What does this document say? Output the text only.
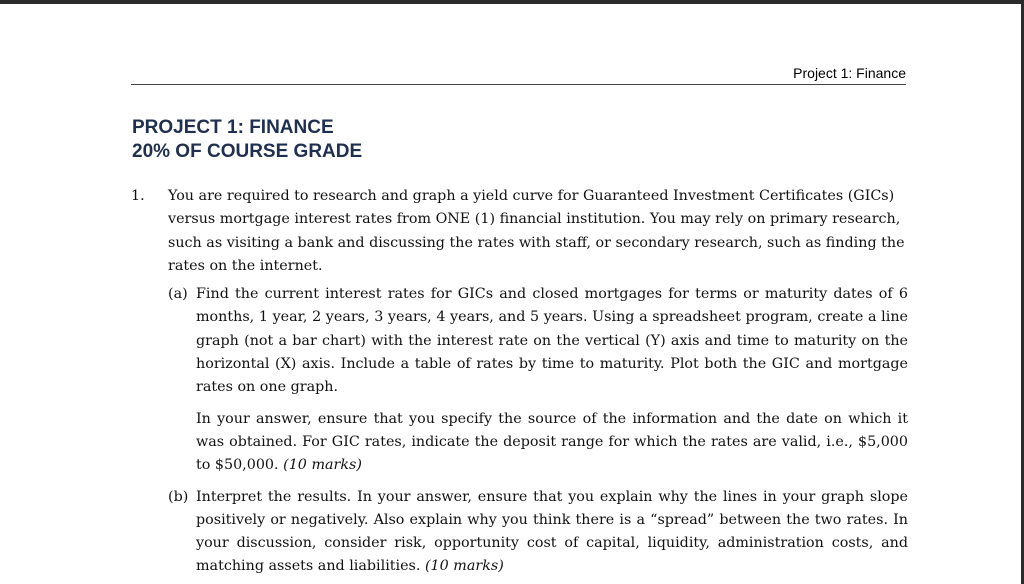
Project 1: Finance
PROJECT 1: FINANCE
20% OF COURSE GRADE
1. You are required to research and graph a yield curve for Guaranteed Investment Certificates (GICs) versus mortgage interest rates from ONE (1) financial institution. You may rely on primary research, such as visiting a bank and discussing the rates with staff, or secondary research, such as finding the rates on the internet.

(a) Find the current interest rates for GICs and closed mortgages for terms or maturity dates of 6 months, 1 year, 2 years, 3 years, 4 years, and 5 years. Using a spreadsheet program, create a line graph (not a bar chart) with the interest rate on the vertical (Y) axis and time to maturity on the horizontal (X) axis. Include a table of rates by time to maturity. Plot both the GIC and mortgage rates on one graph.

In your answer, ensure that you specify the source of the information and the date on which it was obtained. For GIC rates, indicate the deposit range for which the rates are valid, i.e., $5,000 to $50,000. (10 marks)

(b) Interpret the results. In your answer, ensure that you explain why the lines in your graph slope positively or negatively. Also explain why you think there is a “spread” between the two rates. In your discussion, consider risk, opportunity cost of capital, liquidity, administration costs, and matching assets and liabilities. (10 marks)
